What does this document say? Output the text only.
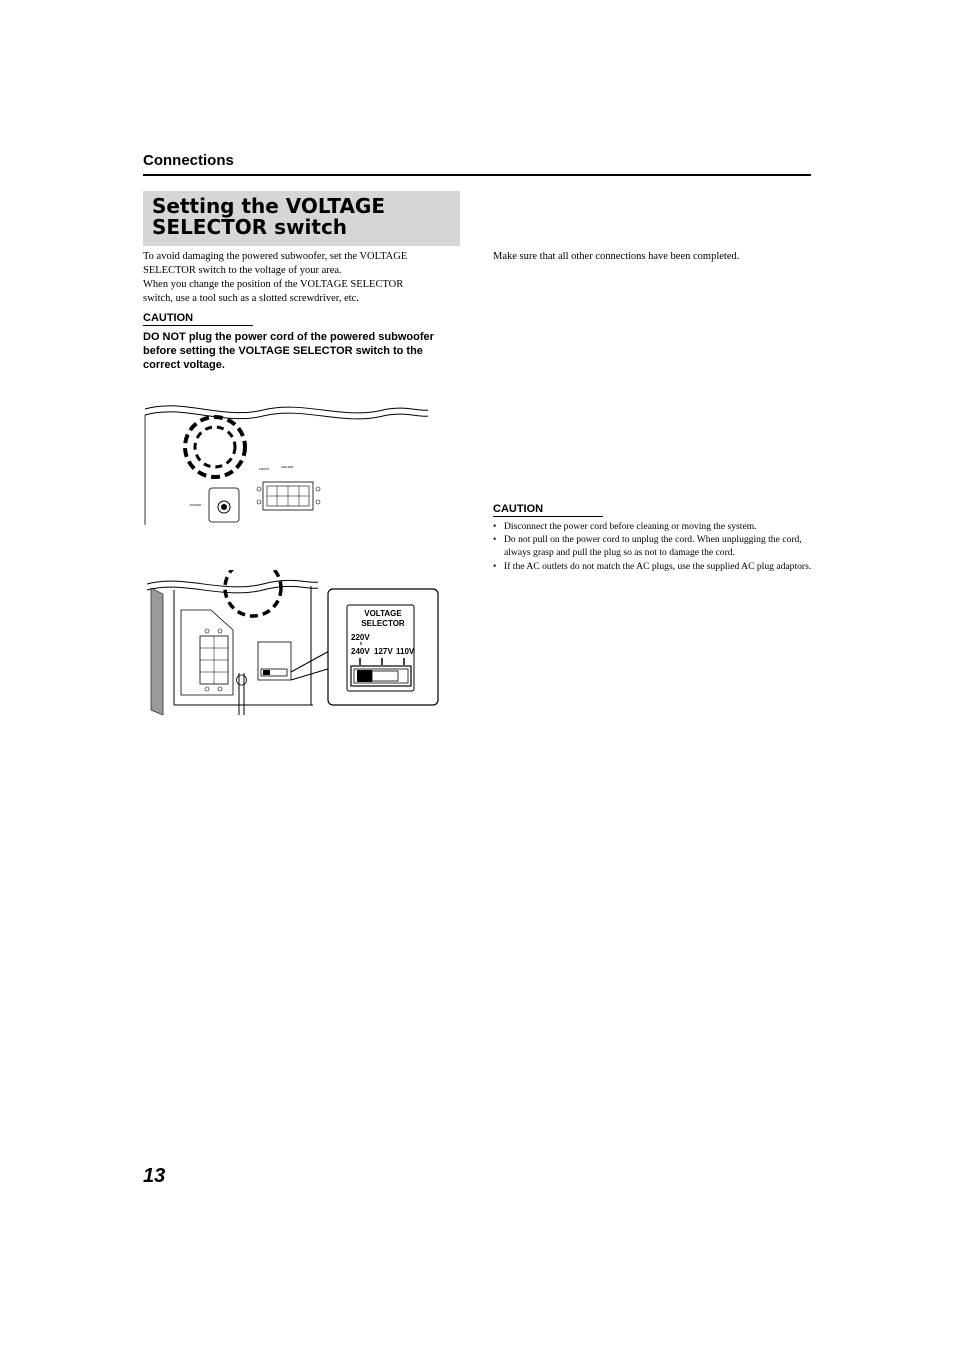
Connections
Setting the VOLTAGE
SELECTOR switch
To avoid damaging the powered subwoofer, set the VOLTAGE
SELECTOR switch to the voltage of your area.
When you change the position of the VOLTAGE SELECTOR
switch, use a tool such as a slotted screwdriver, etc.
CAUTION
DO NOT plug the power cord of the powered subwoofer
before setting the VOLTAGE SELECTOR switch to the
correct voltage.
POWER
FRONT	CENTER
VOLTAGE
SELECTOR
220V
240V 127V 110V
Make sure that all other connections have been completed.
CAUTION
• Disconnect the power cord before cleaning or moving the system.
• Do not pull on the power cord to unplug the cord. When unplugging the cord, always grasp and pull the plug so as not to damage the cord.
• If the AC outlets do not match the AC plugs, use the supplied AC plug adaptors.
13
